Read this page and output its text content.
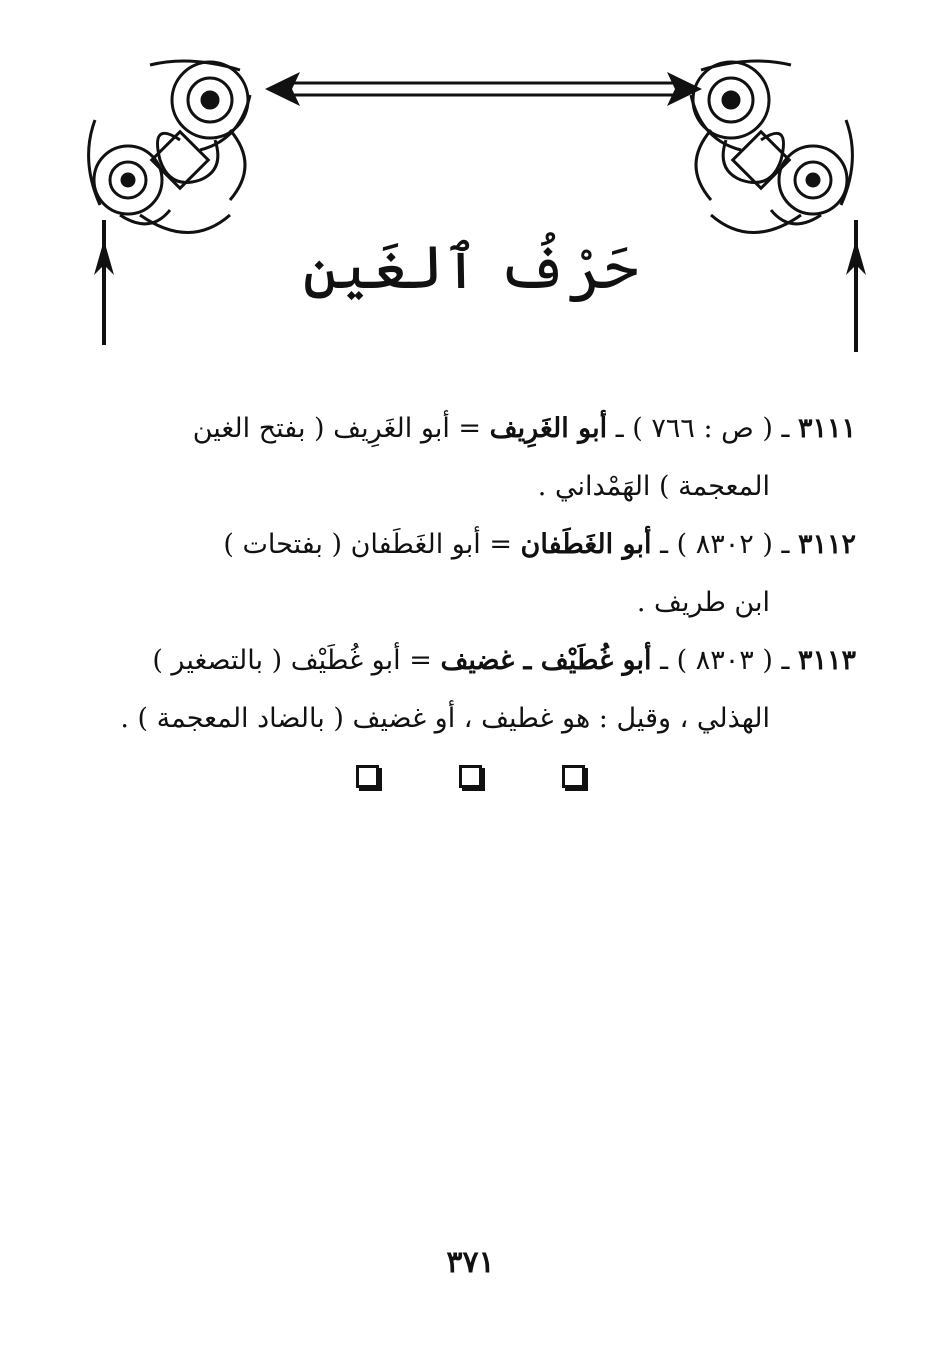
حَرْفُ ٱلغَين

٣١١١ ـ ( ص : ٧٦٦ ) ـ أبو الغَرِيف = أبو الغَرِيف ( بفتح الغين
المعجمة ) الهَمْداني .

٣١١٢ ـ ( ٨٣٠٢ ) ـ أبو الغَطَفان = أبو الغَطَفان ( بفتحات )
ابن طريف .

٣١١٣ ـ ( ٨٣٠٣ ) ـ أبو غُطَيْف ـ غضيف = أبو غُطَيْف ( بالتصغير )
الهذلي ، وقيل : هو غطيف ، أو غضيف ( بالضاد المعجمة ) .

٣٧١
